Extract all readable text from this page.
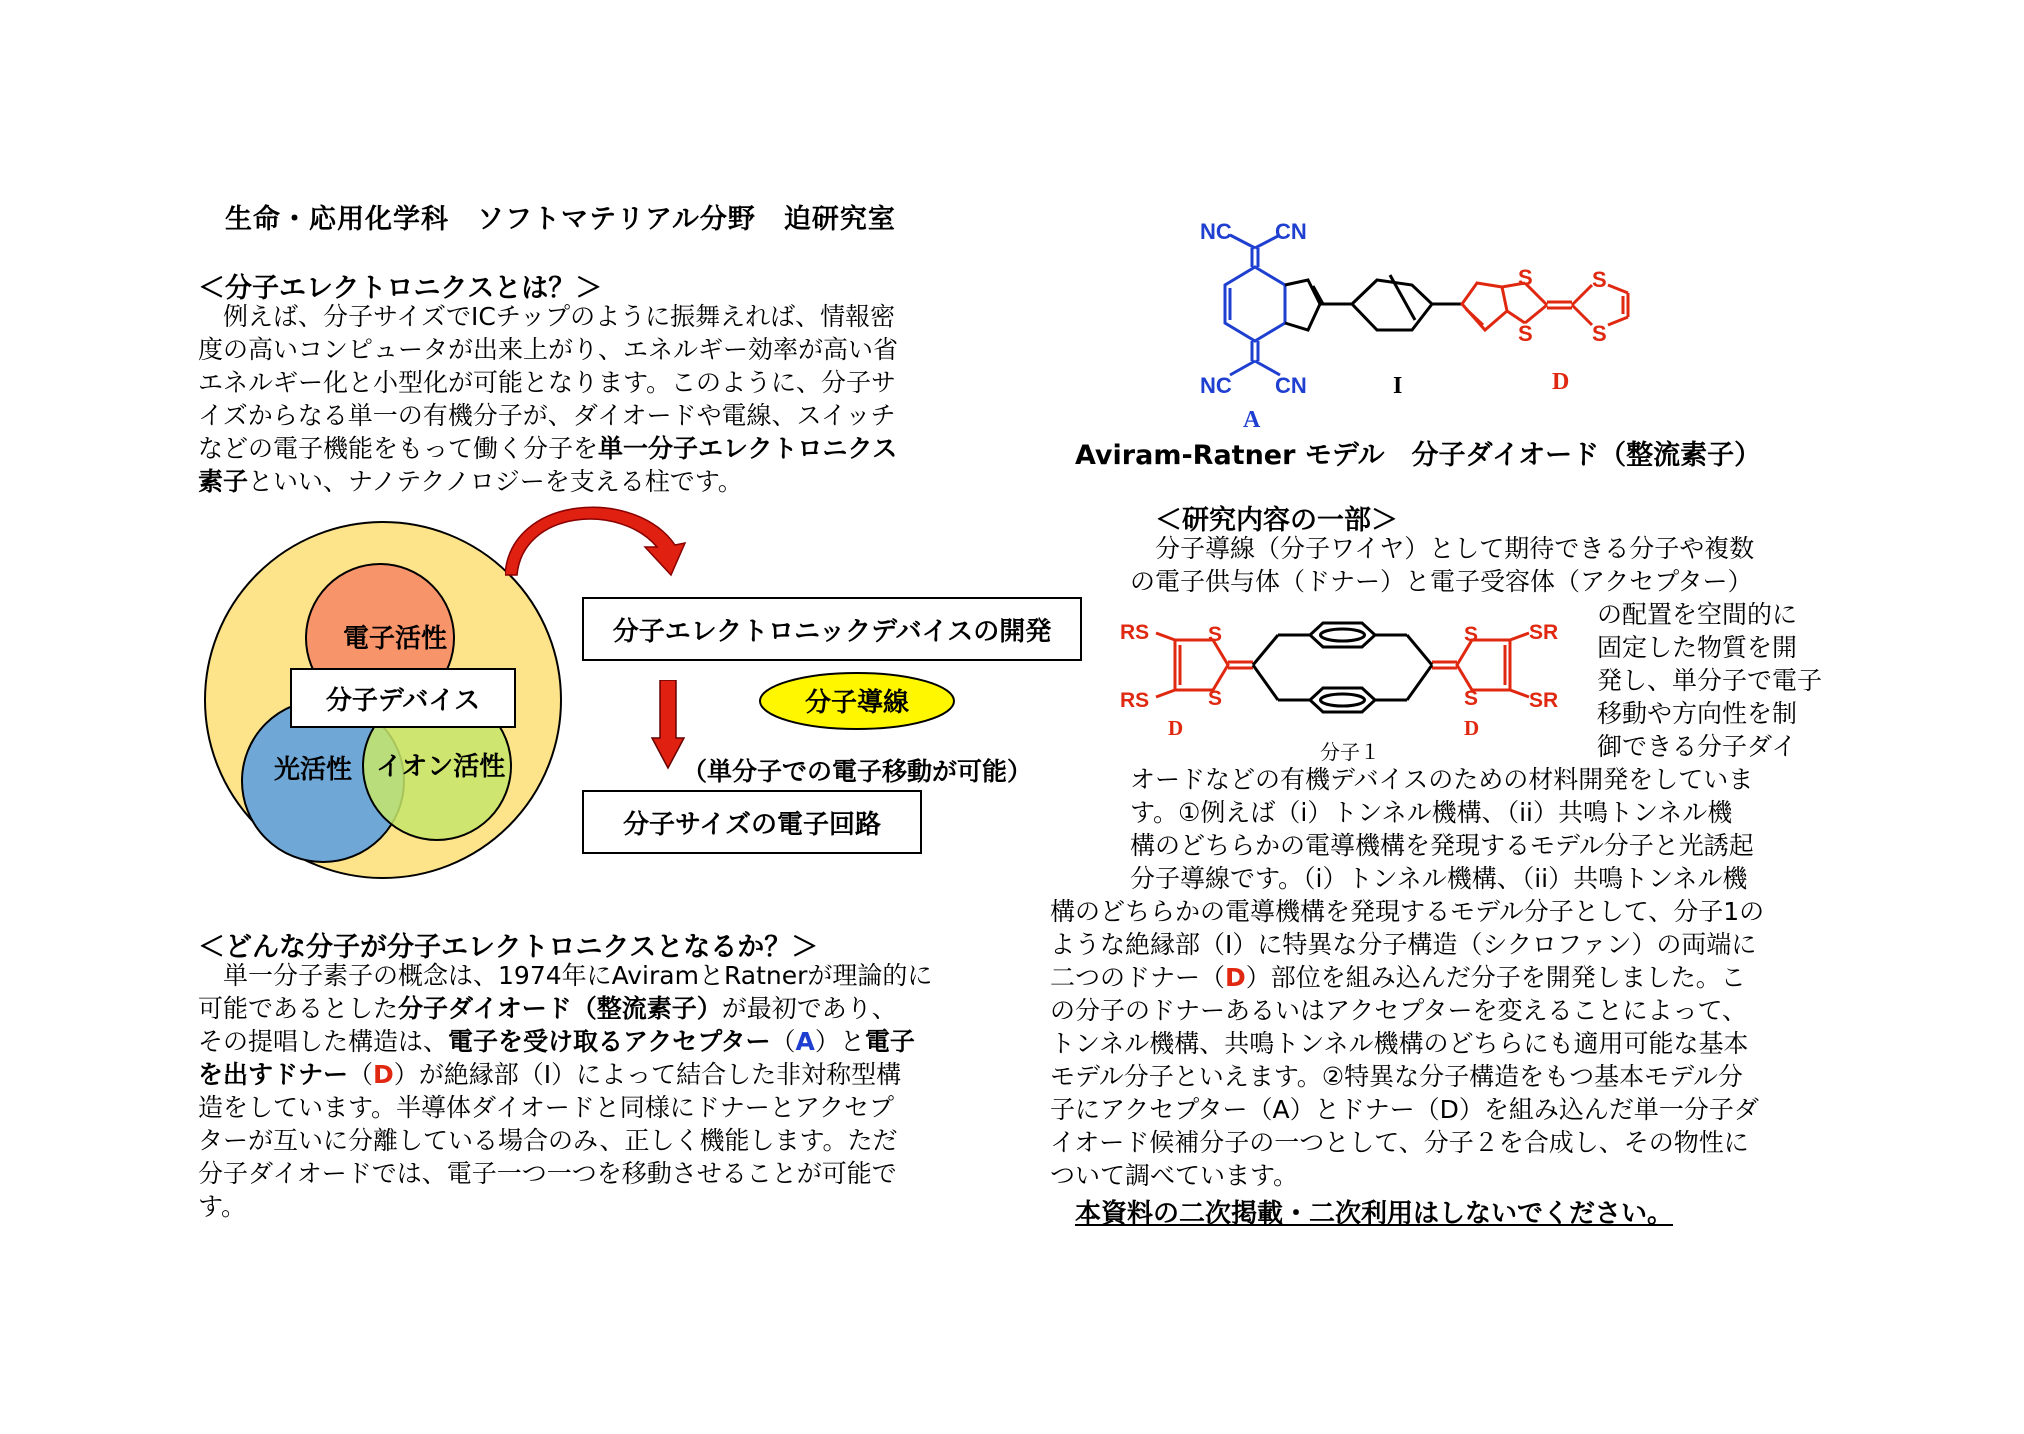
生命・応用化学科　ソフトマテリアル分野　迫研究室
＜分子エレクトロニクスとは？＞

　例えば、分子サイズでICチップのように振舞えれば、情報密

度の高いコンピュータが出来上がり、エネルギー効率が高い省

エネルギー化と小型化が可能となります。このように、分子サ

イズからなる単一の有機分子が、ダイオードや電線、スイッチ

などの電子機能をもって働く分子を単一分子エレクトロニクス

素子といい、ナノテクノロジーを支える柱です。

電子活性
光活性 イオン活性
分子デバイス
分子エレクトロニックデバイスの開発
分子導線
（単分子での電子移動が可能）
分子サイズの電子回路
NC CN
NC CN
S
S
S
S
A
I	D
Aviram-Ratner モデル　分子ダイオード（整流素子）
＜研究内容の一部＞

　分子導線（分子ワイヤ）として期待できる分子や複数

の電子供与体（ドナー）と電子受容体（アクセプター）

の配置を空間的に

固定した物質を開

発し、単分子で電子

移動や方向性を制

御できる分子ダイ

RS
RS
SR
SR
S
S
S
S
D	D
分子１

オードなどの有機デバイスのための材料開発をしていま

す。①例えば（i）トンネル機構、（ii）共鳴トンネル機

構のどちらかの電導機構を発現するモデル分子と光誘起

分子導線です。（i）トンネル機構、（ii）共鳴トンネル機

構のどちらかの電導機構を発現するモデル分子として、分子1の

ような絶縁部（I）に特異な分子構造（シクロファン）の両端に

二つのドナー（D）部位を組み込んだ分子を開発しました。こ

の分子のドナーあるいはアクセプターを変えることによって、

トンネル機構、共鳴トンネル機構のどちらにも適用可能な基本

モデル分子といえます。②特異な分子構造をもつ基本モデル分

子にアクセプター（A）とドナー（D）を組み込んだ単一分子ダ

イオード候補分子の一つとして、分子２を合成し、その物性に

ついて調べています。

本資料の二次掲載・二次利用はしないでください。
＜どんな分子が分子エレクトロニクスとなるか？＞

　単一分子素子の概念は、1974年にAviramとRatnerが理論的に

可能であるとした分子ダイオード（整流素子）が最初であり、

その提唱した構造は、電子を受け取るアクセプター（A）と電子

を出すドナー（D）が絶縁部（I）によって結合した非対称型構

造をしています。半導体ダイオードと同様にドナーとアクセプ

ターが互いに分離している場合のみ、正しく機能します。ただ

分子ダイオードでは、電子一つ一つを移動させることが可能で

す。
